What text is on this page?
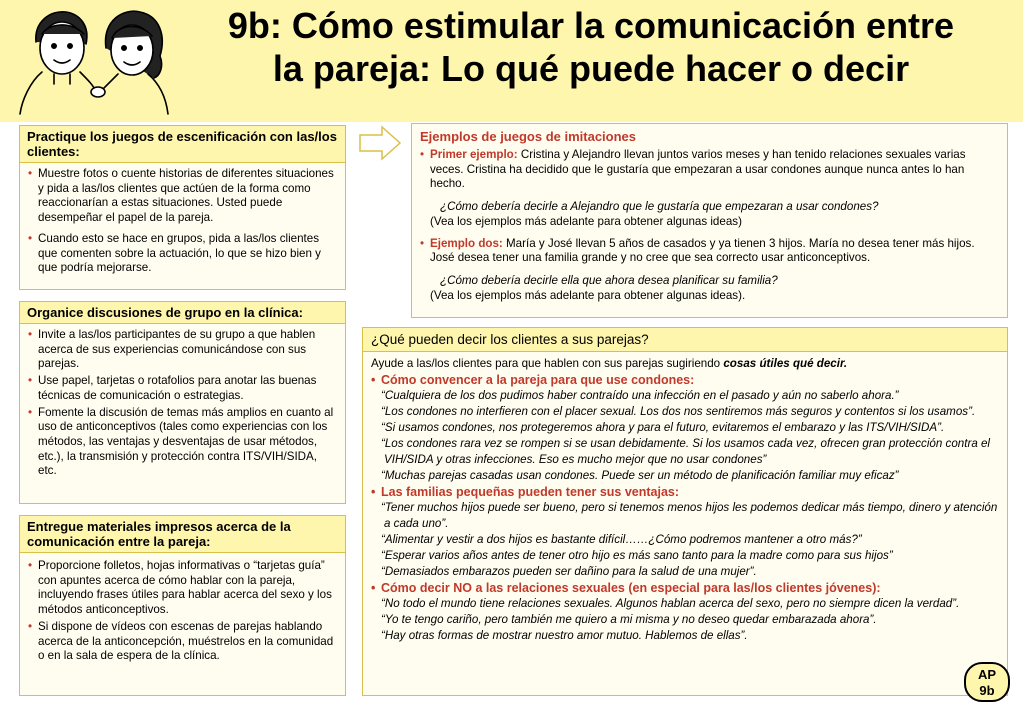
9b: Cómo estimular la comunicación entre
la pareja: Lo qué puede hacer o decir
Practique los juegos de escenificación con las/los clientes:
• Muestre fotos o cuente historias de diferentes situaciones y pida a las/los clientes que actúen de la forma como reaccionarían a estas situaciones. Usted puede desempeñar el papel de la pareja.
• Cuando esto se hace en grupos, pida a las/los clientes que comenten sobre la actuación, lo que se hizo bien y que podría mejorarse.
Organice discusiones de grupo en la clínica:
• Invite a las/los participantes de su grupo a que hablen acerca de sus experiencias comunicándose con sus parejas.
• Use papel, tarjetas o rotafolios para anotar las buenas técnicas de comunicación o estrategias.
• Fomente la discusión de temas más amplios en cuanto al uso de anticonceptivos (tales como experiencias con los métodos, las ventajas y desventajas de usar métodos, etc.), la transmisión y protección contra ITS/VIH/SIDA, etc.
Entregue materiales impresos acerca de la comunicación entre la pareja:
• Proporcione folletos, hojas informativas o “tarjetas guía” con apuntes acerca de cómo hablar con la pareja, incluyendo frases útiles para hablar acerca del sexo y los métodos anticonceptivos.
• Si dispone de vídeos con escenas de parejas hablando acerca de la anticoncepción, muéstrelos en la comunidad o en la sala de espera de la clínica.
Ejemplos de juegos de imitaciones
• Primer ejemplo: Cristina y Alejandro llevan juntos varios meses y han tenido relaciones sexuales varias veces. Cristina ha decidido que le gustaría que empezaran a usar condones aunque nunca antes lo han hecho.
¿Cómo debería decirle a Alejandro que le gustaría que empezaran a usar condones?
(Vea los ejemplos más adelante para obtener algunas ideas)
• Ejemplo dos: María y José llevan 5 años de casados y ya tienen 3 hijos. María no desea tener más hijos. José desea tener una familia grande y no cree que sea correcto usar anticonceptivos.
¿Cómo debería decirle ella que ahora desea planificar su familia?
(Vea los ejemplos más adelante para obtener algunas ideas).
¿Qué pueden decir los clientes a sus parejas?
Ayude a las/los clientes para que hablen con sus parejas sugiriendo cosas útiles qué decir.
• Cómo convencer a la pareja para que use condones:
“Cualquiera de los dos pudimos haber contraído una infección en el pasado y aún no saberlo ahora.”
“Los condones no interfieren con el placer sexual. Los dos nos sentiremos más seguros y contentos si los usamos”.
“Si usamos condones, nos protegeremos ahora y para el futuro, evitaremos el embarazo y las ITS/VIH/SIDA”.
“Los condones rara vez se rompen si se usan debidamente. Si los usamos cada vez, ofrecen gran protección contra el VIH/SIDA y otras infecciones. Eso es mucho mejor que no usar condones”
“Muchas parejas casadas usan condones. Puede ser un método de planificación familiar muy eficaz”
• Las familias pequeñas pueden tener sus ventajas:
“Tener muchos hijos puede ser bueno, pero si tenemos menos hijos les podemos dedicar más tiempo, dinero y atención a cada uno”.
“Alimentar y vestir a dos hijos es bastante difícil……¿Cómo podremos mantener a otro más?”
“Esperar varios años antes de tener otro hijo es más sano tanto para la madre como para sus hijos”
“Demasiados embarazos pueden ser dañino para la salud de una mujer”.
• Cómo decir NO a las relaciones sexuales (en especial para las/los clientes jóvenes):
“No todo el mundo tiene relaciones sexuales. Algunos hablan acerca del sexo, pero no siempre dicen la verdad”.
“Yo te tengo cariño, pero también me quiero a mi misma y no deseo quedar embarazada ahora”.
“Hay otras formas de mostrar nuestro amor mutuo. Hablemos de ellas”.
AP
9b
